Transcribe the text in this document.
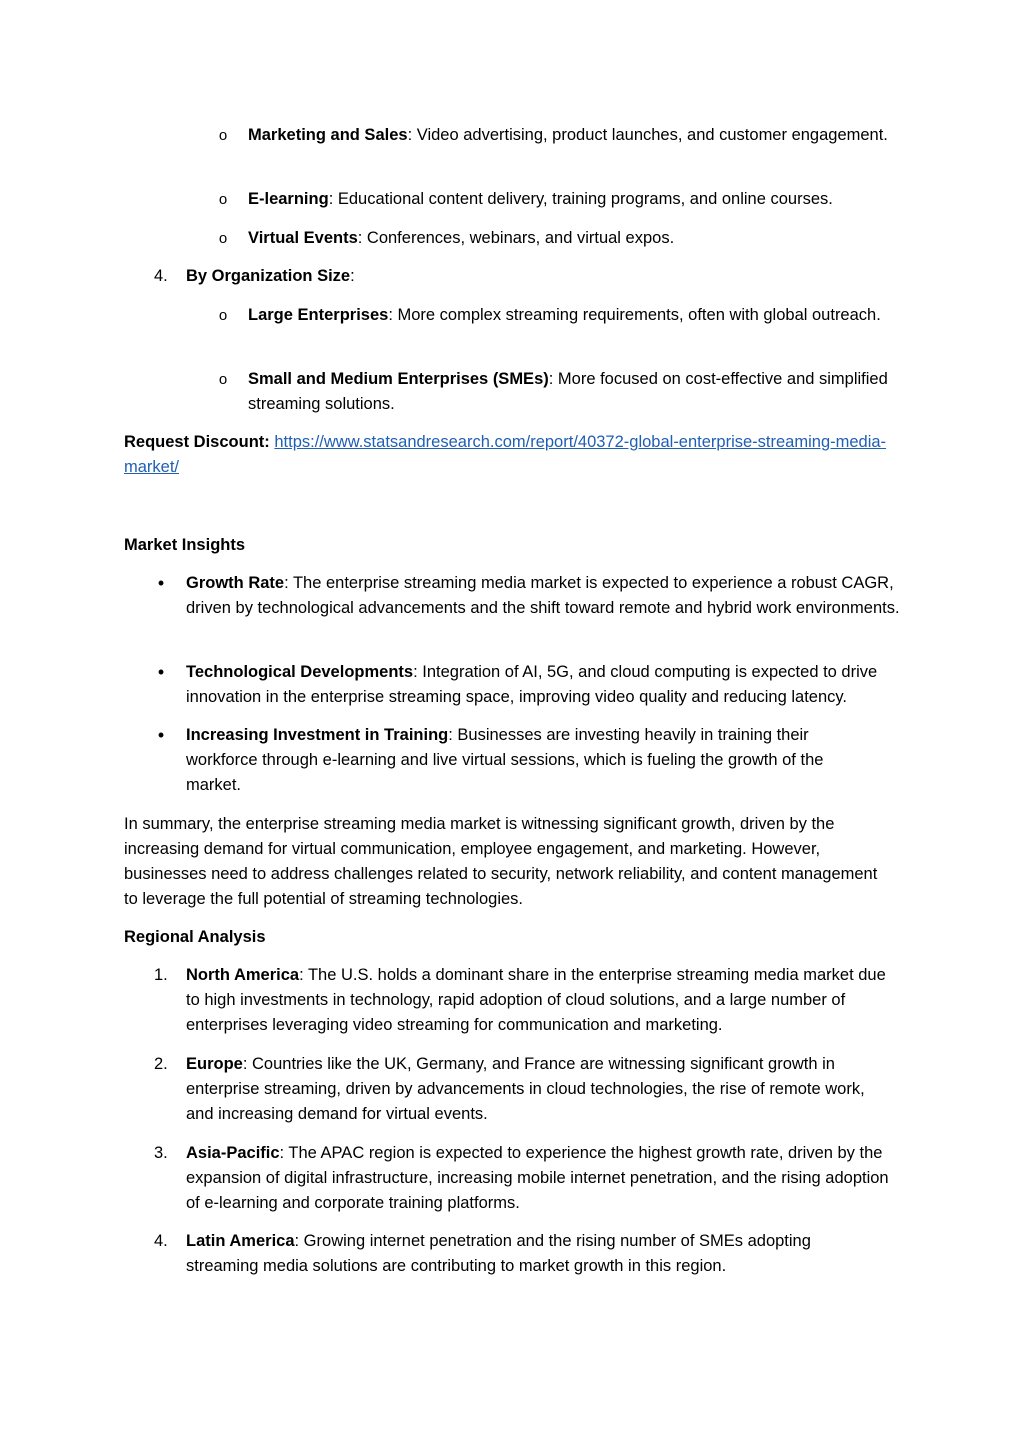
o Marketing and Sales: Video advertising, product launches, and customer engagement.
o E-learning: Educational content delivery, training programs, and online courses.
o Virtual Events: Conferences, webinars, and virtual expos.
4.	By Organization Size:
o Large Enterprises: More complex streaming requirements, often with global outreach.
o Small and Medium Enterprises (SMEs): More focused on cost-effective and simplified streaming solutions.
Request Discount: https://www.statsandresearch.com/report/40372-global-enterprise-streaming-media-market/
Market Insights
• Growth Rate: The enterprise streaming media market is expected to experience a robust CAGR, driven by technological advancements and the shift toward remote and hybrid work environments.
• Technological Developments: Integration of AI, 5G, and cloud computing is expected to drive innovation in the enterprise streaming space, improving video quality and reducing latency.
• Increasing Investment in Training: Businesses are investing heavily in training their workforce through e-learning and live virtual sessions, which is fueling the growth of the market.
In summary, the enterprise streaming media market is witnessing significant growth, driven by the increasing demand for virtual communication, employee engagement, and marketing. However, businesses need to address challenges related to security, network reliability, and content management to leverage the full potential of streaming technologies.
Regional Analysis
1.	North America: The U.S. holds a dominant share in the enterprise streaming media market due to high investments in technology, rapid adoption of cloud solutions, and a large number of enterprises leveraging video streaming for communication and marketing.
2.	Europe: Countries like the UK, Germany, and France are witnessing significant growth in enterprise streaming, driven by advancements in cloud technologies, the rise of remote work, and increasing demand for virtual events.
3.	Asia-Pacific: The APAC region is expected to experience the highest growth rate, driven by the expansion of digital infrastructure, increasing mobile internet penetration, and the rising adoption of e-learning and corporate training platforms.
4.	Latin America: Growing internet penetration and the rising number of SMEs adopting streaming media solutions are contributing to market growth in this region.
